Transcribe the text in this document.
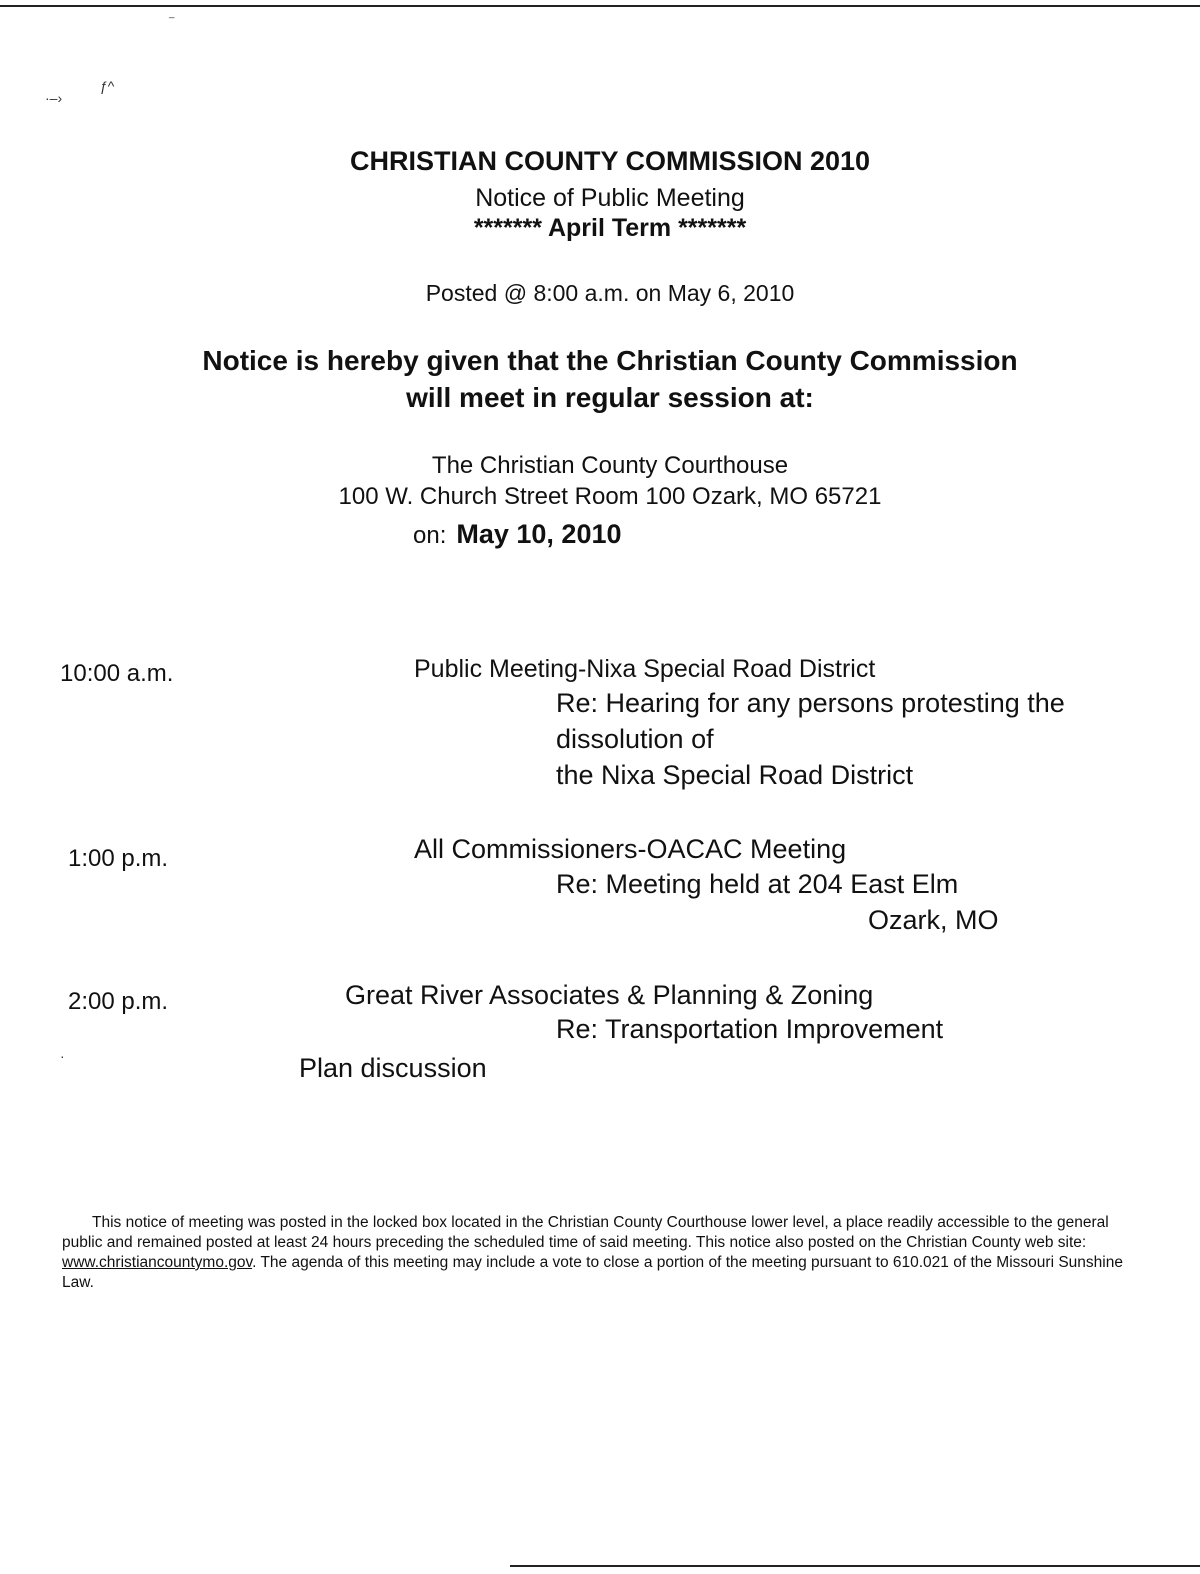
·–›
ƒ^
⁻
·
CHRISTIAN COUNTY COMMISSION 2010
Notice of Public Meeting
******* April Term *******
Posted @ 8:00 a.m. on May 6, 2010
Notice is hereby given that the Christian County Commission
will meet in regular session at:
The Christian County Courthouse
100 W. Church Street Room 100 Ozark, MO 65721
on: May 10, 2010
10:00 a.m.	Public Meeting-Nixa Special Road District
Re: Hearing for any persons protesting the
dissolution of
the Nixa Special Road District
1:00 p.m.	All Commissioners-OACAC Meeting
Re: Meeting held at 204 East Elm
Ozark, MO
2:00 p.m.	Great River Associates & Planning & Zoning
Re: Transportation Improvement
Plan discussion

This notice of meeting was posted in the locked box located in the Christian County Courthouse lower level, a place readily accessible to the general public and remained posted at least 24 hours preceding the scheduled time of said meeting. This notice also posted on the Christian County web site: www.christiancountymo.gov. The agenda of this meeting may include a vote to close a portion of the meeting pursuant to 610.021 of the Missouri Sunshine Law.
